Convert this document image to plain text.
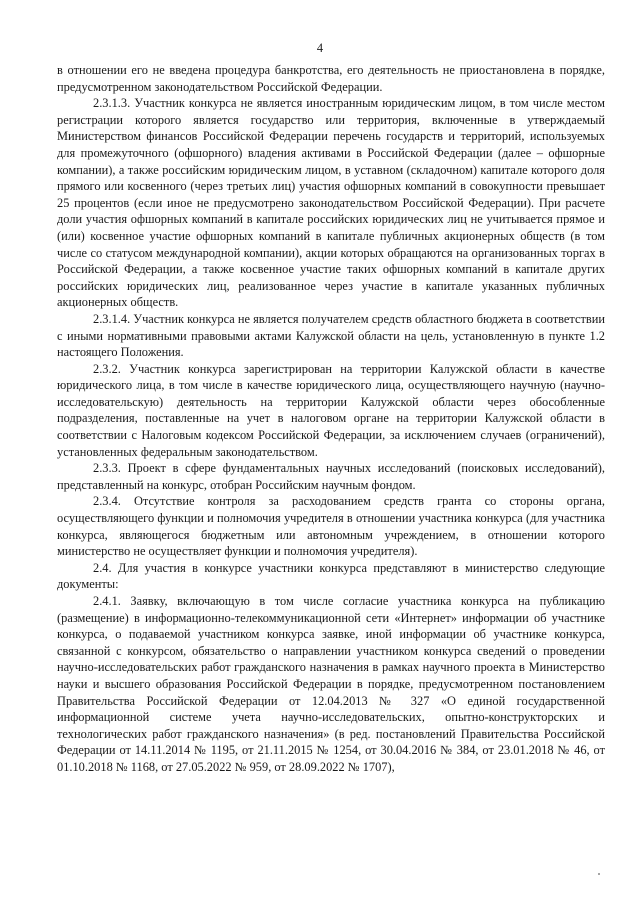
4

в отношении его не введена процедура банкротства, его деятельность не приостановлена в порядке, предусмотренном законодательством Российской Федерации.

2.3.1.3. Участник конкурса не является иностранным юридическим лицом, в том числе местом регистрации которого является государство или территория, включенные в утверждаемый Министерством финансов Российской Федерации перечень государств и территорий, используемых для промежуточного (офшорного) владения активами в Российской Федерации (далее – офшорные компании), а также российским юридическим лицом, в уставном (складочном) капитале которого доля прямого или косвенного (через третьих лиц) участия офшорных компаний в совокупности превышает 25 процентов (если иное не предусмотрено законодательством Российской Федерации). При расчете доли участия офшорных компаний в капитале российских юридических лиц не учитывается прямое и (или) косвенное участие офшорных компаний в капитале публичных акционерных обществ (в том числе со статусом международной компании), акции которых обращаются на организованных торгах в Российской Федерации, а также косвенное участие таких офшорных компаний в капитале других российских юридических лиц, реализованное через участие в капитале указанных публичных акционерных обществ.

2.3.1.4. Участник конкурса не является получателем средств областного бюджета в соответствии с иными нормативными правовыми актами Калужской области на цель, установленную в пункте 1.2 настоящего Положения.

2.3.2. Участник конкурса зарегистрирован на территории Калужской области в качестве юридического лица, в том числе в качестве юридического лица, осуществляющего научную (научно-исследовательскую) деятельность на территории Калужской области через обособленные подразделения, поставленные на учет в налоговом органе на территории Калужской области в соответствии с Налоговым кодексом Российской Федерации, за исключением случаев (ограничений), установленных федеральным законодательством.

2.3.3. Проект в сфере фундаментальных научных исследований (поисковых исследований), представленный на конкурс, отобран Российским научным фондом.

2.3.4. Отсутствие контроля за расходованием средств гранта со стороны органа, осуществляющего функции и полномочия учредителя в отношении участника конкурса (для участника конкурса, являющегося бюджетным или автономным учреждением, в отношении которого министерство не осуществляет функции и полномочия учредителя).

2.4. Для участия в конкурсе участники конкурса представляют в министерство следующие документы:

2.4.1. Заявку, включающую в том числе согласие участника конкурса на публикацию (размещение) в информационно-телекоммуникационной сети «Интернет» информации об участнике конкурса, о подаваемой участником конкурса заявке, иной информации об участнике конкурса, связанной с конкурсом, обязательство о направлении участником конкурса сведений о проведении научно-исследовательских работ гражданского назначения в рамках научного проекта в Министерство науки и высшего образования Российской Федерации в порядке, предусмотренном постановлением Правительства Российской Федерации от 12.04.2013 № 327 «О единой государственной информационной системе учета научно-исследовательских, опытно-конструкторских и технологических работ гражданского назначения» (в ред. постановлений Правительства Российской Федерации от 14.11.2014 № 1195, от 21.11.2015 № 1254, от 30.04.2016 № 384, от 23.01.2018 № 46, от 01.10.2018 № 1168, от 27.05.2022 № 959, от 28.09.2022 № 1707),
